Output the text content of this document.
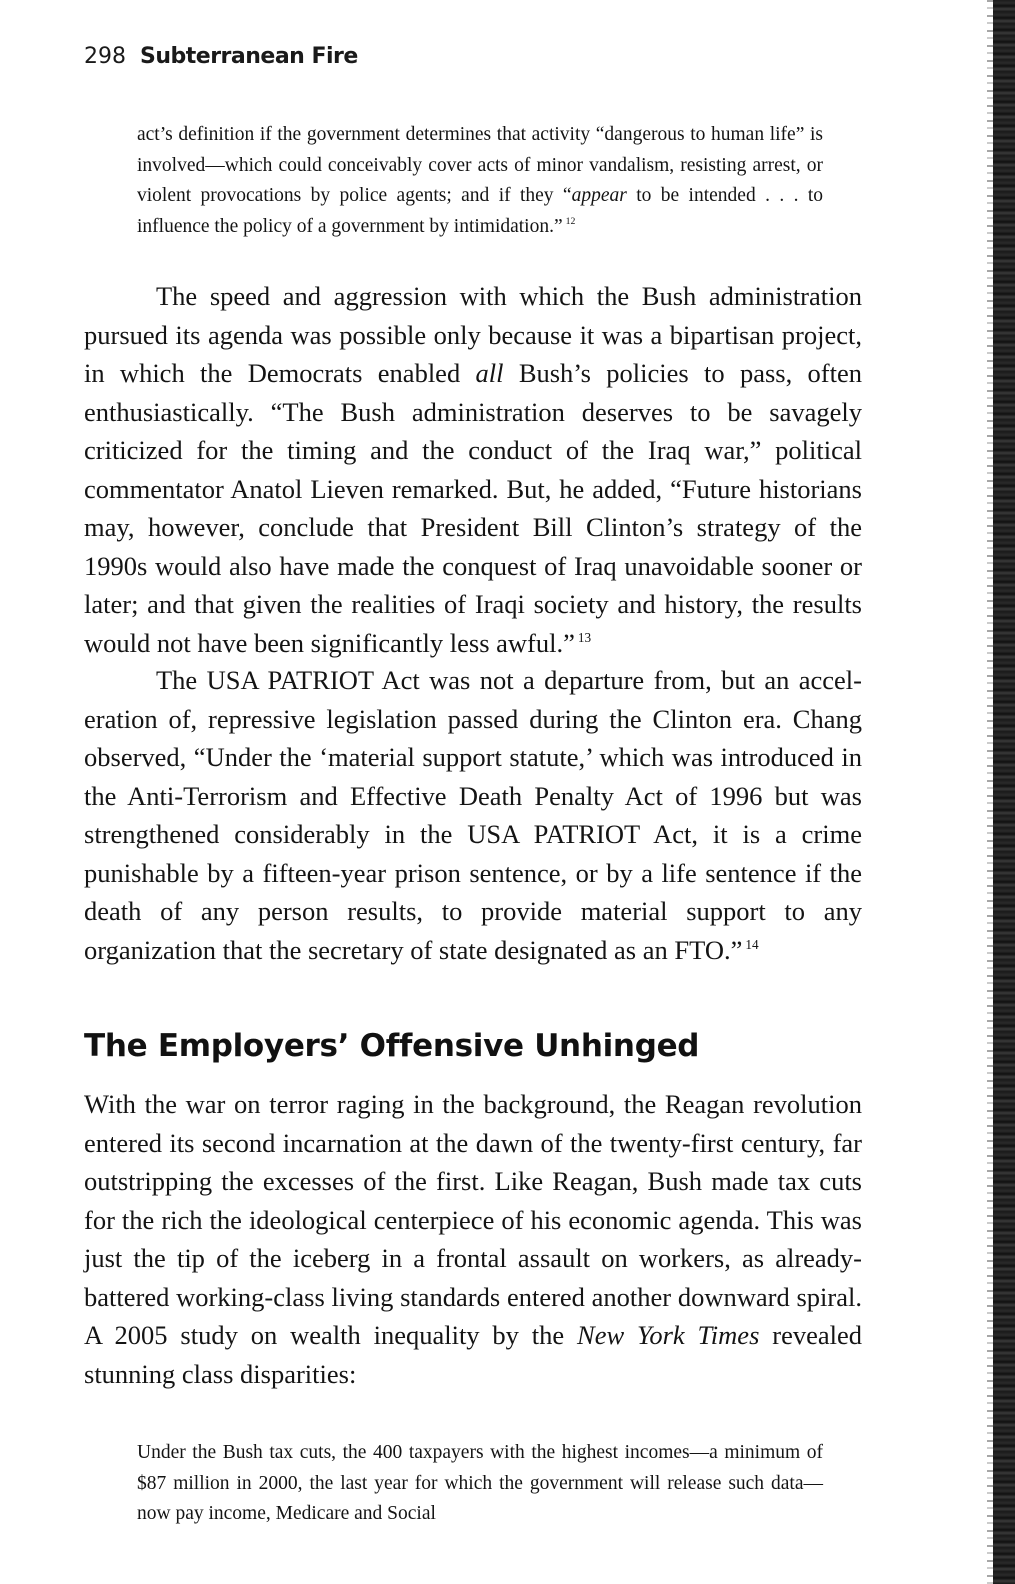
298 Subterranean Fire

act’s definition if the government determines that activity “dangerous to human life” is involved—which could conceivably cover acts of minor vandalism, resisting arrest, or violent provocations by police agents; and if they “appear to be intended . . . to influence the policy of a government by intimidation.” $^{12}$

The speed and aggression with which the Bush administration pursued its agenda was possible only because it was a bipartisan project, in which the Democrats enabled all Bush’s policies to pass, often enthusiastically. “The Bush administration deserves to be savagely criticized for the timing and the conduct of the Iraq war,” political commentator Anatol Lieven remarked. But, he added, “Future historians may, however, conclude that President Bill Clinton’s strategy of the 1990s would also have made the conquest of Iraq unavoidable sooner or later; and that given the realities of Iraqi society and history, the results would not have been significantly less awful.” $^{13}$

The USA PATRIOT Act was not a departure from, but an acceleration of, repressive legislation passed during the Clinton era. Chang observed, “Under the ‘material support statute,’ which was introduced in the Anti-Terrorism and Effective Death Penalty Act of 1996 but was strengthened considerably in the USA PATRIOT Act, it is a crime punishable by a fifteen-year prison sentence, or by a life sentence if the death of any person results, to provide material support to any organization that the secretary of state designated as an FTO.” $^{14}$

The Employers’ Offensive Unhinged

With the war on terror raging in the background, the Reagan revolution entered its second incarnation at the dawn of the twenty-first century, far outstripping the excesses of the first. Like Reagan, Bush made tax cuts for the rich the ideological centerpiece of his economic agenda. This was just the tip of the iceberg in a frontal assault on workers, as already-battered working-class living standards entered another downward spiral. A 2005 study on wealth inequality by the New York Times revealed stunning class disparities:

Under the Bush tax cuts, the 400 taxpayers with the highest incomes—a minimum of $87 million in 2000, the last year for which the government will release such data—now pay income, Medicare and Social
